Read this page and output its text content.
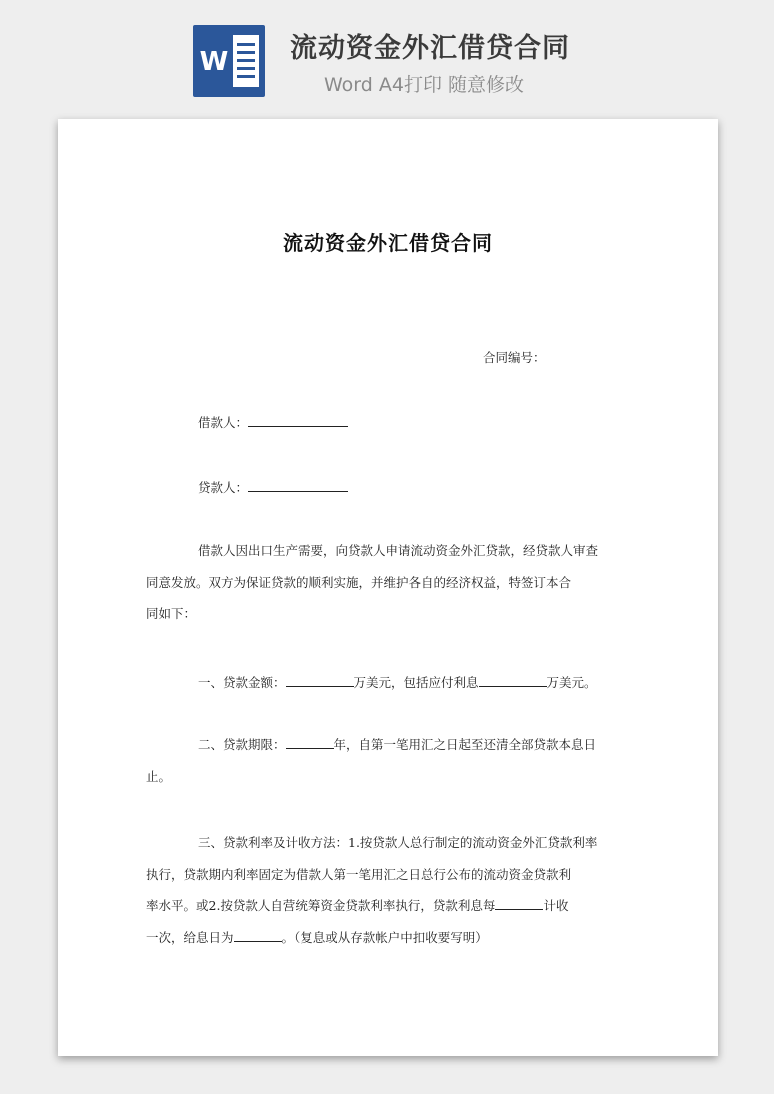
W 流动资金外汇借贷合同
Word A4打印 随意修改
流动资金外汇借贷合同
合同编号：
借款人：
贷款人：
借款人因出口生产需要，向贷款人申请流动资金外汇贷款，经贷款人审查
同意发放。双方为保证贷款的顺利实施，并维护各自的经济权益，特签订本合
同如下：
一、贷款金额：	万美元，包括应付利息	万美元。
二、贷款期限：	年，自第一笔用汇之日起至还清全部贷款本息日
止。
三、贷款利率及计收方法：1.按贷款人总行制定的流动资金外汇贷款利率
执行，贷款期内利率固定为借款人第一笔用汇之日总行公布的流动资金贷款利
率水平。或2.按贷款人自营统筹资金贷款利率执行，贷款利息每	计收
一次，给息日为	。（复息或从存款帐户中扣收要写明）
